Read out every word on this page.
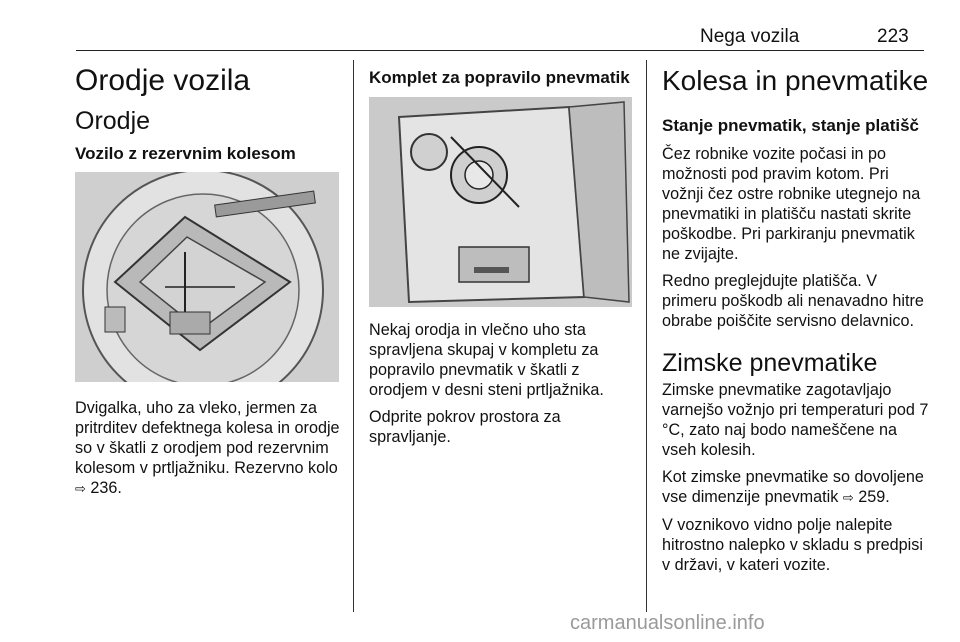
Nega vozila	223
Orodje vozila
Orodje
Vozilo z rezervnim kolesom

Dvigalka, uho za vleko, jermen za pritrditev defektnega kolesa in orodje so v škatli z orodjem pod rezervnim kolesom v prtljažniku. Rezervno kolo ⇨ 236.

Komplet za popravilo pnevmatik

Nekaj orodja in vlečno uho sta spravljena skupaj v kompletu za popravilo pnevmatik v škatli z orodjem v desni steni prtljažnika.

Odprite pokrov prostora za spravljanje.

Kolesa in pnevmatike
Stanje pnevmatik, stanje platišč

Čez robnike vozite počasi in po možnosti pod pravim kotom. Pri vožnji čez ostre robnike utegnejo na pnevmatiki in platišču nastati skrite poškodbe. Pri parkiranju pnevmatik ne zvijajte.

Redno preglejdujte platišča. V primeru poškodb ali nenavadno hitre obrabe poiščite servisno delavnico.

Zimske pnevmatike

Zimske pnevmatike zagotavljajo varnejšo vožnjo pri temperaturi pod 7 °C, zato naj bodo nameščene na vseh kolesih.

Kot zimske pnevmatike so dovoljene vse dimenzije pnevmatik ⇨ 259.

V voznikovo vidno polje nalepite hitrostno nalepko v skladu s predpisi v državi, v kateri vozite.

carmanualsonline.info
